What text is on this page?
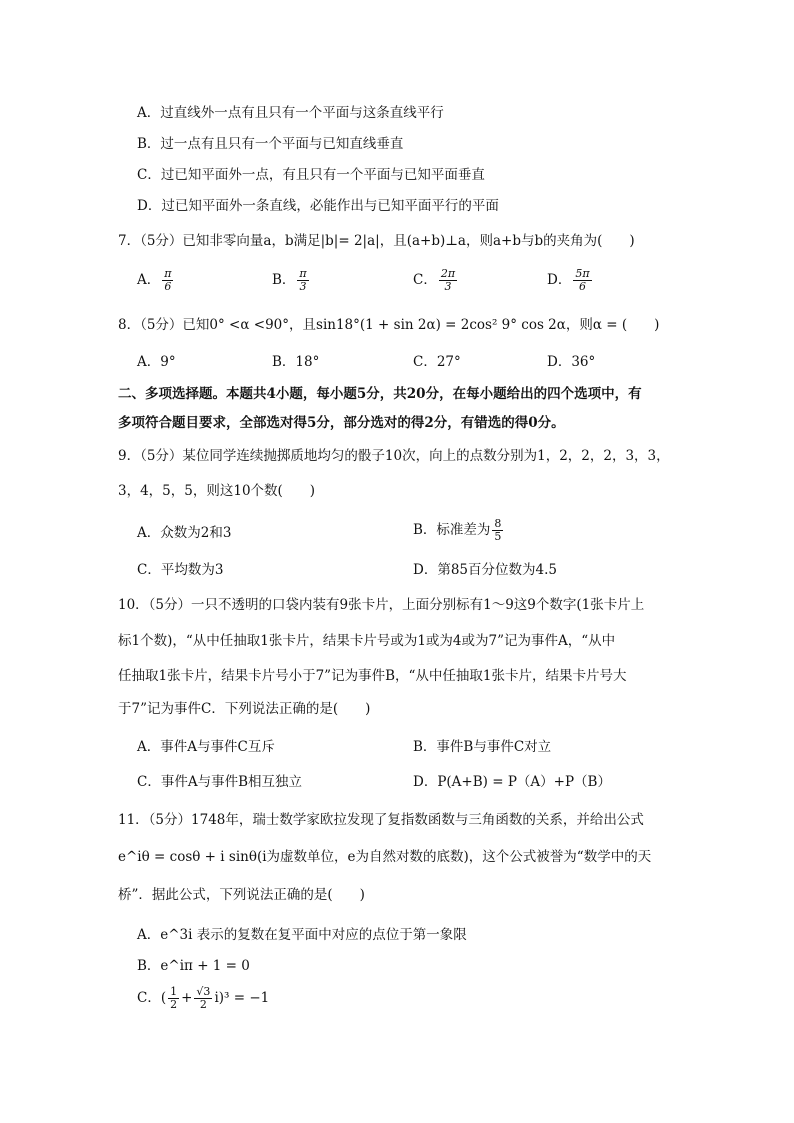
A．过直线外一点有且只有一个平面与这条直线平行
B．过一点有且只有一个平面与已知直线垂直
C．过已知平面外一点，有且只有一个平面与已知平面垂直
D．过已知平面外一条直线，必能作出与已知平面平行的平面
7．（5分）已知非零向量a，b满足|b|= 2|a|，且(a+b)⊥a，则a+b与b的夹角为(　　)
A． $\frac{\pi}{6}$	B． $\frac{\pi}{3}$	C． $\frac{2\pi}{3}$	D． $\frac{5\pi}{6}$
8．（5分）已知0° <α <90°，且sin18°(1 + sin 2α) = 2cos² 9° cos 2α，则α = (　　)
A．9°	B．18°	C．27°	D．36°
二、多项选择题。本题共4小题，每小题5分，共20分，在每小题给出的四个选项中，有
多项符合题目要求，全部选对得5分，部分选对的得2分，有错选的得0分。
9．（5分）某位同学连续抛掷质地均匀的骰子10次，向上的点数分别为1，2，2，2，3，3，
3，4，5，5，则这10个数(　　)
A．众数为2和3	B．标准差为 $\frac{8}{5}$
C．平均数为3	D．第85百分位数为4.5
10．（5分）一只不透明的口袋内装有9张卡片，上面分别标有1～9这9个数字(1张卡片上
标1个数)，“从中任抽取1张卡片，结果卡片号或为1或为4或为7”记为事件A，“从中
任抽取1张卡片，结果卡片号小于7”记为事件B，“从中任抽取1张卡片，结果卡片号大
于7”记为事件C．下列说法正确的是(　　)
A．事件A与事件C互斥	B．事件B与事件C对立
C．事件A与事件B相互独立	D．P(A+B) = P（A）+P（B）
11．（5分）1748年，瑞士数学家欧拉发现了复指数函数与三角函数的关系，并给出公式
e^iθ = cosθ + i sinθ(i为虚数单位，e为自然对数的底数)，这个公式被誉为“数学中的天
桥”．据此公式，下列说法正确的是(　　)
A．e^3i 表示的复数在复平面中对应的点位于第一象限
B．e^iπ + 1 = 0
C．( $\frac{1}{2} + \frac{√3}{2} i)^3 = -1$
